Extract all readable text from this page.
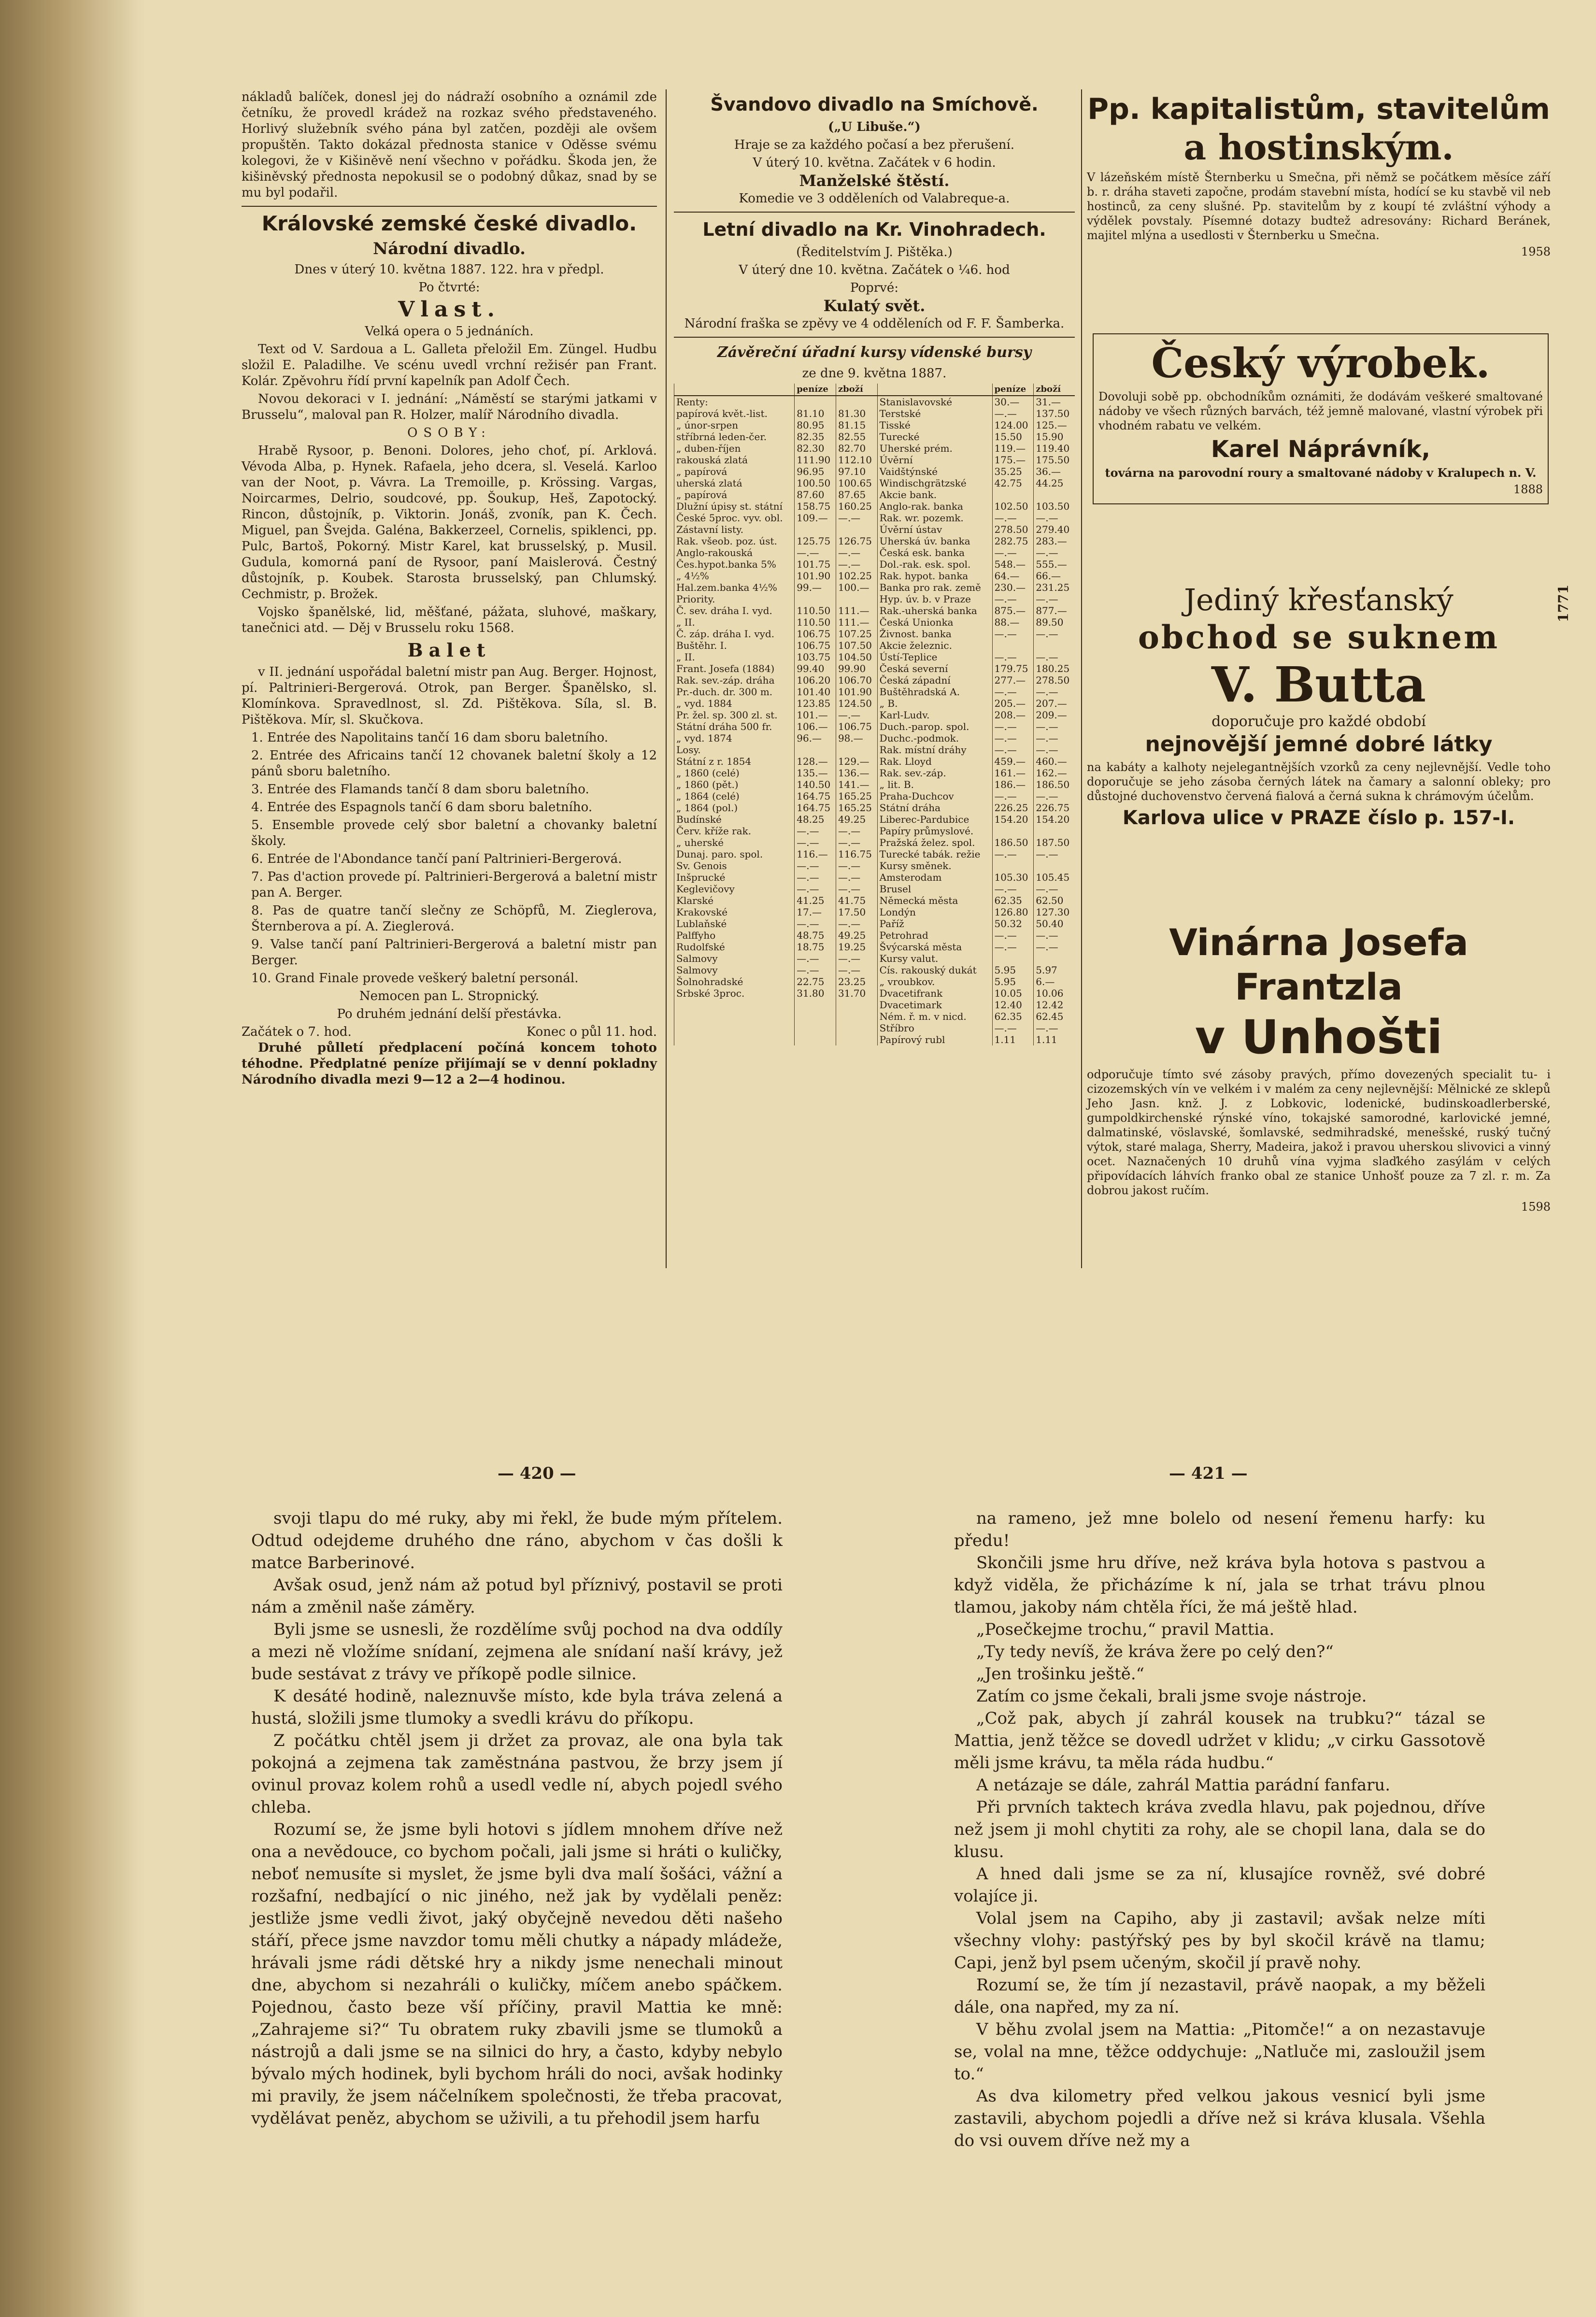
nákladů balíček, donesl jej do nádraží osobního a oznámil zde četníku, že provedl krádež na rozkaz svého představeného. Horlivý služebník svého pána byl zatčen, později ale ovšem propuštěn. Takto dokázal přednosta stanice v Oděsse svému kolegovi, že v Kišiněvě není všechno v pořádku. Škoda jen, že kišiněvský přednosta nepokusil se o podobný důkaz, snad by se mu byl podařil.

Královské zemské české divadlo.
Národní divadlo.

Dnes v úterý 10. května 1887. 122. hra v předpl.

Po čtvrté:

Vlast.

Velká opera o 5 jednáních.

Text od V. Sardoua a L. Galleta přeložil Em. Züngel. Hudbu složil E. Paladilhe. Ve scénu uvedl vrchní režisér pan Frant. Kolár. Zpěvohru řídí první kapelník pan Adolf Čech.

Novou dekoraci v I. jednání: „Náměstí se starými jatkami v Brusselu“, maloval pan R. Holzer, malíř Národního divadla.

OSOBY:

Hrabě Rysoor, p. Benoni. Dolores, jeho choť, pí. Arklová. Vévoda Alba, p. Hynek. Rafaela, jeho dcera, sl. Veselá. Karloo van der Noot, p. Vávra. La Tremoille, p. Krössing. Vargas, Noircarmes, Delrio, soudcové, pp. Šoukup, Heš, Zapotocký. Rincon, důstojník, p. Viktorin. Jonáš, zvoník, pan K. Čech. Miguel, pan Švejda. Galéna, Bakkerzeel, Cornelis, spiklenci, pp. Pulc, Bartoš, Pokorný. Mistr Karel, kat brusselský, p. Musil. Gudula, komorná paní de Rysoor, paní Maislerová. Čestný důstojník, p. Koubek. Starosta brusselský, pan Chlumský. Cechmistr, p. Brožek.

Vojsko španělské, lid, měšťané, pážata, sluhové, maškary, tanečnici atd. — Děj v Brusselu roku 1568.

Balet

v II. jednání uspořádal baletní mistr pan Aug. Berger. Hojnost, pí. Paltrinieri-Bergerová. Otrok, pan Berger. Španělsko, sl. Klomínkova. Spravedlnost, sl. Zd. Pištěkova. Síla, sl. B. Pištěkova. Mír, sl. Skučkova.

1. Entrée des Napolitains tančí 16 dam sboru baletního.

2. Entrée des Africains tančí 12 chovanek baletní školy a 12 pánů sboru baletního.

3. Entrée des Flamands tančí 8 dam sboru baletního.

4. Entrée des Espagnols tančí 6 dam sboru baletního.

5. Ensemble provede celý sbor baletní a chovanky baletní školy.

6. Entrée de l'Abondance tančí paní Paltrinieri-Bergerová.

7. Pas d'action provede pí. Paltrinieri-Bergerová a baletní mistr pan A. Berger.

8. Pas de quatre tančí slečny ze Schöpfů, M. Zieglerova, Šternberova a pí. A. Zieglerová.

9. Valse tančí paní Paltrinieri-Bergerová a baletní mistr pan Berger.

10. Grand Finale provede veškerý baletní personál.

Nemocen pan L. Stropnický.

Po druhém jednání delší přestávka.

Začátek o 7. hod.	Konec o půl 11. hod.

Druhé půlletí předplacení počíná koncem tohoto téhodne. Předplatné peníze přijímají se v denní pokladny Národního divadla mezi 9—12 a 2—4 hodinou.

Švandovo divadlo na Smíchově.

(„U Libuše.“)

Hraje se za každého počasí a bez přerušení.

V úterý 10. května. Začátek v 6 hodin.

Manželské štěstí.

Komedie ve 3 odděleních od Valabreque-a.

Letní divadlo na Kr. Vinohradech.

(Ředitelstvím J. Pištěka.)

V úterý dne 10. května. Začátek o ¼6. hod

Poprvé:

Kulatý svět.

Národní fraška se zpěvy ve 4 odděleních od F. F. Šamberka.

Závěreční úřadní kursy vídenské bursy

ze dne 9. května 1887.

	peníze	zboží		peníze	zboží
Renty:			Stanislavovské	30.—	31.—
papírová květ.-list.	81.10	81.30	Terstské	—.—	137.50
„ únor-srpen	80.95	81.15	Tisské	124.00	125.—
stříbrná leden-čer.	82.35	82.55	Turecké	15.50	15.90
„ duben-říjen	82.30	82.70	Uherské prém.	119.—	119.40
rakouská zlatá	111.90	112.10	Úvěrní	175.—	175.50
„ papírová	96.95	97.10	Vaidštýnské	35.25	36.—
uherská zlatá	100.50	100.65	Windischgrätzské	42.75	44.25
„ papírová	87.60	87.65	Akcie bank.		
Dlužní úpisy st. státní	158.75	160.25	Anglo-rak. banka	102.50	103.50
České 5proc. vyv. obl.	109.—	—.—	Rak. wr. pozemk.	—.—	—.—
Zástavní listy.			Úvěrní ústav	278.50	279.40
Rak. všeob. poz. úst.	125.75	126.75	Uherská úv. banka	282.75	283.—
Anglo-rakouská	—.—	—.—	Česká esk. banka	—.—	—.—
Čes.hypot.banka 5%	101.75	—.—	Dol.-rak. esk. spol.	548.—	555.—
„ 4½%	101.90	102.25	Rak. hypot. banka	64.—	66.—
Hal.zem.banka 4½%	99.—	100.—	Banka pro rak. země	230.—	231.25
Priority.			Hyp. úv. b. v Praze	—.—	—.—
Č. sev. dráha I. vyd.	110.50	111.—	Rak.-uherská banka	875.—	877.—
„ II.	110.50	111.—	Česká Unionka	88.—	89.50
Č. záp. dráha I. vyd.	106.75	107.25	Živnost. banka	—.—	—.—
Buštěhr. I.	106.75	107.50	Akcie železnic.		
„ II.	103.75	104.50	Ústí-Teplice	—.—	—.—
Frant. Josefa (1884)	99.40	99.90	Česká severní	179.75	180.25
Rak. sev.-záp. dráha	106.20	106.70	Česká západní	277.—	278.50
Pr.-duch. dr. 300 m.	101.40	101.90	Buštěhradská A.	—.—	—.—
„ vyd. 1884	123.85	124.50	„ B.	205.—	207.—
Pr. žel. sp. 300 zl. st.	101.—	—.—	Karl-Ludv.	208.—	209.—
Státní dráha 500 fr.	106.—	106.75	Duch.-parop. spol.	—.—	—.—
„ vyd. 1874	96.—	98.—	Duchc.-podmok.	—.—	—.—
Losy.			Rak. místní dráhy	—.—	—.—
Státní z r. 1854	128.—	129.—	Rak. Lloyd	459.—	460.—
„ 1860 (celé)	135.—	136.—	Rak. sev.-záp.	161.—	162.—
„ 1860 (pět.)	140.50	141.—	„ lit. B.	186.—	186.50
„ 1864 (celé)	164.75	165.25	Praha-Duchcov	—.—	—.—
„ 1864 (pol.)	164.75	165.25	Státní dráha	226.25	226.75
Budínské	48.25	49.25	Liberec-Pardubice	154.20	154.20
Červ. kříže rak.	—.—	—.—	Papíry průmyslové.		
„ uherské	—.—	—.—	Pražská želez. spol.	186.50	187.50
Dunaj. paro. spol.	116.—	116.75	Turecké tabák. režie	—.—	—.—
Sv. Genois	—.—	—.—	Kursy směnek.		
Inšprucké	—.—	—.—	Amsterodam	105.30	105.45
Keglevičovy	—.—	—.—	Brusel	—.—	—.—
Klarské	41.25	41.75	Německá města	62.35	62.50
Krakovské	17.—	17.50	Londýn	126.80	127.30
Lublaňské	—.—	—.—	Paříž	50.32	50.40
Palffyho	48.75	49.25	Petrohrad	—.—	—.—
Rudolfské	18.75	19.25	Švýcarská města	—.—	—.—
Salmovy	—.—	—.—	Kursy valut.		
Salmovy	—.—	—.—	Cís. rakouský dukát	5.95	5.97
Šolnohradské	22.75	23.25	„ vroubkov.	5.95	6.—
Srbské 3proc.	31.80	31.70	Dvacetifrank	10.05	10.06
			Dvacetimark	12.40	12.42
			Ném. ř. m. v nicd.	62.35	62.45
			Stříbro	—.—	—.—
			Papírový rubl	1.11	1.11
Pp. kapitalistům, stavitelům
a hostinským.

V lázeňském místě Šternberku u Smečna, při němž se počátkem měsíce září b. r. dráha staveti započne, prodám stavební místa, hodící se ku stavbě vil neb hostinců, za ceny slušné. Pp. stavitelům by z koupí té zvláštní výhody a výdělek povstaly. Písemné dotazy budtež adresovány: Richard Beránek, majitel mlýna a usedlosti v Šternberku u Smečna.

1958

Český výrobek.

Dovoluji sobě pp. obchodníkům oznámiti, že dodávám veškeré smaltované nádoby ve všech různých barvách, též jemně malované, vlastní výrobek při vhodném rabatu ve velkém.

Karel Náprávník,

továrna na parovodní roury a smaltované nádoby v Kralupech n. V.

1888

Jediný křesťanský
obchod se suknem
V. Butta

doporučuje pro každé období

nejnovější jemné dobré látky

na kabáty a kalhoty nejelegantnějších vzorků za ceny nejlevnější. Vedle toho doporučuje se jeho zásoba černých látek na čamary a salonní obleky; pro důstojné duchovenstvo červená fialová a černá sukna k chrámovým účelům.

Karlova ulice v PRAZE číslo p. 157-I.
1771
Vinárna Josefa Frantzla
v Unhošti

odporučuje tímto své zásoby pravých, přímo dovezených specialit tu- i cizozemských vín ve velkém i v malém za ceny nejlevnější: Mělnické ze sklepů Jeho Jasn. knž. J. z Lobkovic, lodenické, budinskoadlerberské, gumpoldkirchenské rýnské víno, tokajské samorodné, karlovické jemné, dalmatinské, vöslavské, šomlavské, sedmihradské, menešské, ruský tučný výtok, staré malaga, Sherry, Madeira, jakož i pravou uherskou slivovici a vinný ocet. Naznačených 10 druhů vína vyjma slaďkého zasýlám v celých připovídacích láhvích franko obal ze stanice Unhošť pouze za 7 zl. r. m. Za dobrou jakost ručím.

1598

— 420 —	— 421 —

svoji tlapu do mé ruky, aby mi řekl, že bude mým přítelem. Odtud odejdeme druhého dne ráno, abychom v čas došli k matce Barberinové.

Avšak osud, jenž nám až potud byl příznivý, postavil se proti nám a změnil naše záměry.

Byli jsme se usnesli, že rozdělíme svůj pochod na dva oddíly a mezi ně vložíme snídaní, zejmena ale snídaní naší krávy, jež bude sestávat z trávy ve příkopě podle silnice.

K desáté hodině, naleznuvše místo, kde byla tráva zelená a hustá, složili jsme tlumoky a svedli krávu do příkopu.

Z počátku chtěl jsem ji držet za provaz, ale ona byla tak pokojná a zejmena tak zaměstnána pastvou, že brzy jsem jí ovinul provaz kolem rohů a usedl vedle ní, abych pojedl svého chleba.

Rozumí se, že jsme byli hotovi s jídlem mnohem dříve než ona a nevědouce, co bychom počali, jali jsme si hráti o kuličky, neboť nemusíte si myslet, že jsme byli dva malí šošáci, vážní a rozšafní, nedbající o nic jiného, než jak by vydělali peněz: jestliže jsme vedli život, jaký obyčejně nevedou děti našeho stáří, přece jsme navzdor tomu měli chutky a nápady mládeže, hrávali jsme rádi dětské hry a nikdy jsme nenechali minout dne, abychom si nezahráli o kuličky, míčem anebo spáčkem. Pojednou, často beze vší příčiny, pravil Mattia ke mně: „Zahrajeme si?“ Tu obratem ruky zbavili jsme se tlumoků a nástrojů a dali jsme se na silnici do hry, a často, kdyby nebylo bývalo mých hodinek, byli bychom hráli do noci, avšak hodinky mi pravily, že jsem náčelníkem společnosti, že třeba pracovat, vydělávat peněz, abychom se uživili, a tu přehodil jsem harfu

na rameno, jež mne bolelo od nesení řemenu harfy: ku předu!

Skončili jsme hru dříve, než kráva byla hotova s pastvou a když viděla, že přicházíme k ní, jala se trhat trávu plnou tlamou, jakoby nám chtěla říci, že má ještě hlad.

„Posečkejme trochu,“ pravil Mattia.

„Ty tedy nevíš, že kráva žere po celý den?“

„Jen trošinku ještě.“

Zatím co jsme čekali, brali jsme svoje nástroje.

„Což pak, abych jí zahrál kousek na trubku?“ tázal se Mattia, jenž těžce se dovedl udržet v klidu; „v cirku Gassotově měli jsme krávu, ta měla ráda hudbu.“

A netázaje se dále, zahrál Mattia parádní fanfaru.

Při prvních taktech kráva zvedla hlavu, pak pojednou, dříve než jsem ji mohl chytiti za rohy, ale se chopil lana, dala se do klusu.

A hned dali jsme se za ní, klusajíce rovněž, své dobré volajíce ji.

Volal jsem na Capiho, aby ji zastavil; avšak nelze míti všechny vlohy: pastýřský pes by byl skočil krávě na tlamu; Capi, jenž byl psem učeným, skočil jí pravě nohy.

Rozumí se, že tím jí nezastavil, právě naopak, a my běželi dále, ona napřed, my za ní.

V běhu zvolal jsem na Mattia: „Pitomče!“ a on nezastavuje se, volal na mne, těžce oddychuje: „Natluče mi, zasloužil jsem to.“

As dva kilometry před velkou jakous vesnicí byli jsme zastavili, abychom pojedli a dříve než si kráva klusala. Všehla do vsi ouvem dříve než my a
